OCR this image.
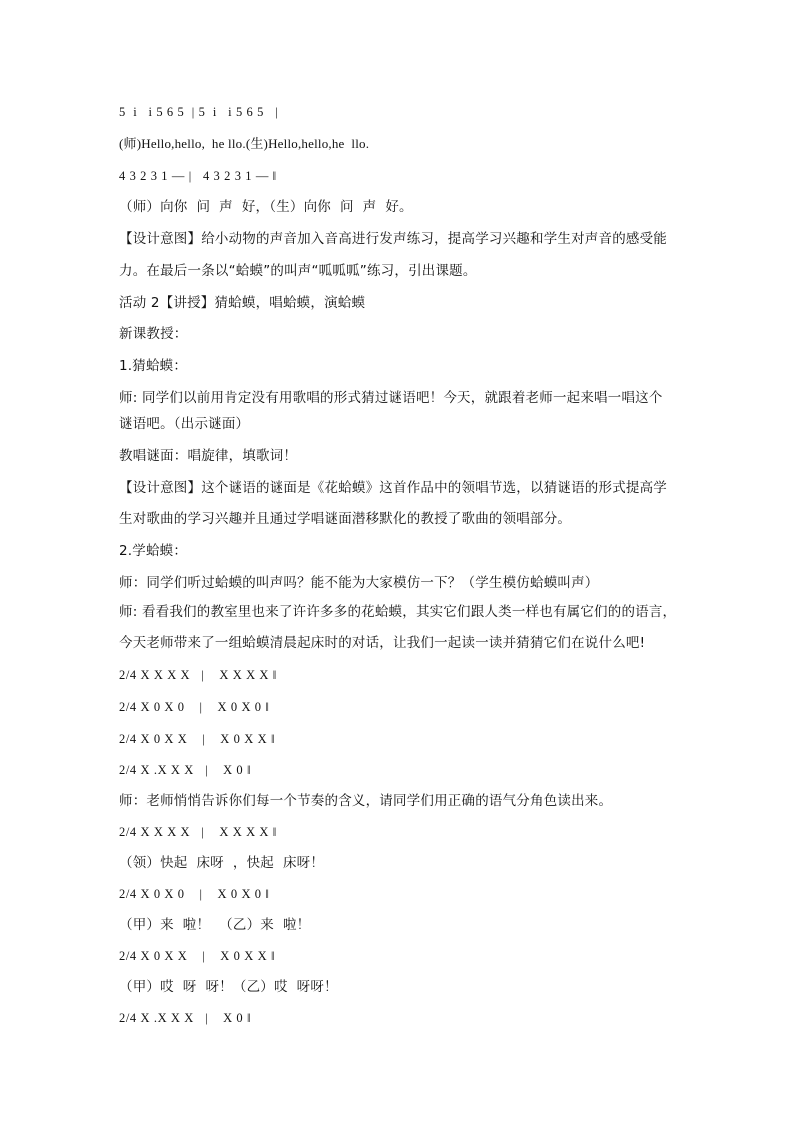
5  i   i 5 6 5  | 5  i   i 5 6 5   |
(师)Hello,hello,  he llo.(生)Hello,hello,he  llo.
4 3 2 3 1 — |   4 3 2 3 1 — ‖
（师）向你  问  声  好，（生）向你  问  声  好。
【设计意图】给小动物的声音加入音高进行发声练习，提高学习兴趣和学生对声音的感受能
力。在最后一条以“蛤蟆”的叫声“呱呱呱”练习，引出课题。
活动 2【讲授】猜蛤蟆，唱蛤蟆，演蛤蟆
新课教授：
1.猜蛤蟆：
师: 同学们以前用肯定没有用歌唱的形式猜过谜语吧！今天，就跟着老师一起来唱一唱这个
谜语吧。（出示谜面）
教唱谜面：唱旋律，填歌词！
【设计意图】这个谜语的谜面是《花蛤蟆》这首作品中的领唱节选，以猜谜语的形式提高学
生对歌曲的学习兴趣并且通过学唱谜面潜移默化的教授了歌曲的领唱部分。
2.学蛤蟆：
师：同学们听过蛤蟆的叫声吗？能不能为大家模仿一下？（学生模仿蛤蟆叫声）
师: 看看我们的教室里也来了许许多多的花蛤蟆，其实它们跟人类一样也有属它们的的语言，
今天老师带来了一组蛤蟆清晨起床时的对话，让我们一起读一读并猜猜它们在说什么吧!
2/4 X X X X   |    X X X X ‖
2/4 X 0 X 0    |    X 0 X 0 ‖
2/4 X 0 X X    |    X 0 X X ‖
2/4 X .X X X   |    X 0 ‖
师：老师悄悄告诉你们每一个节奏的含义，请同学们用正确的语气分角色读出来。
2/4 X X X X   |    X X X X ‖
（领）快起  床呀  ，快起  床呀！
2/4 X 0 X 0    |    X 0 X 0 ‖
（甲）来  啦！  （乙）来  啦！
2/4 X 0 X X    |    X 0 X X ‖
（甲）哎  呀  呀！（乙）哎  呀呀！
2/4 X .X X X   |    X 0 ‖
